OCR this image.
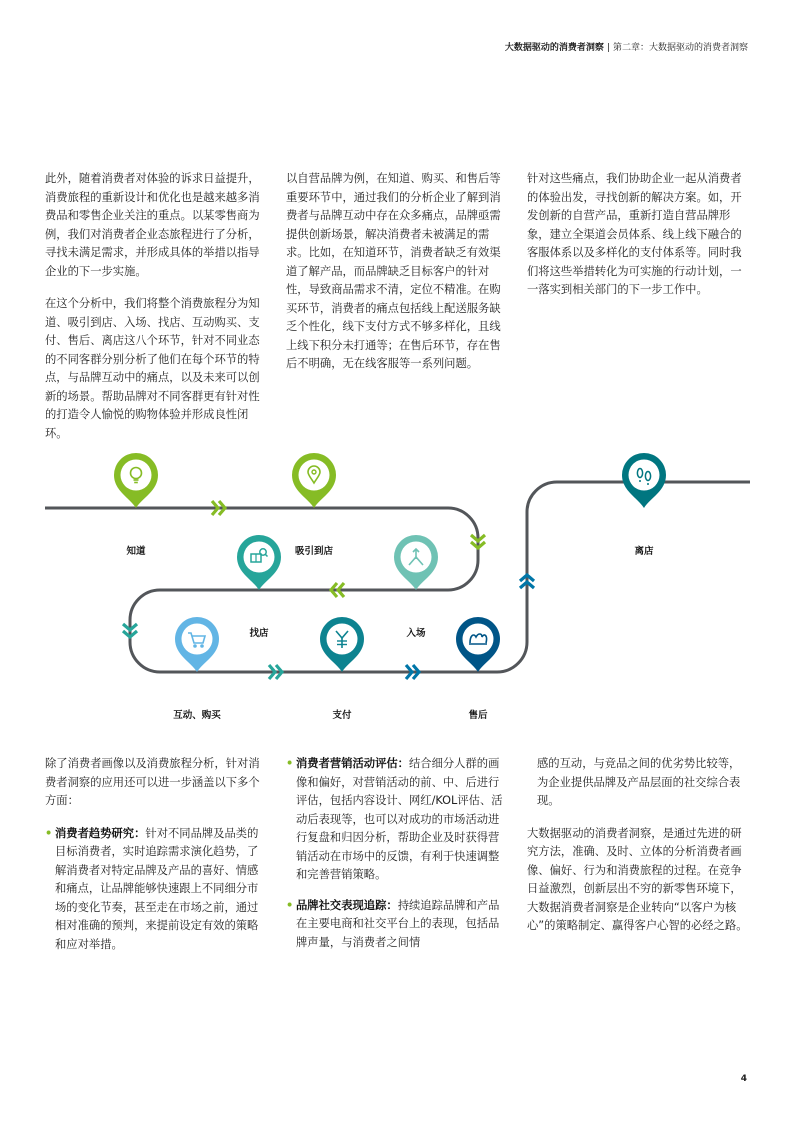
大数据驱动的消费者洞察 | 第二章：大数据驱动的消费者洞察

此外，随着消费者对体验的诉求日益提升，消费旅程的重新设计和优化也是越来越多消费品和零售企业关注的重点。以某零售商为例，我们对消费者企业态旅程进行了分析，寻找未满足需求，并形成具体的举措以指导企业的下一步实施。

在这个分析中，我们将整个消费旅程分为知道、吸引到店、入场、找店、互动购买、支付、售后、离店这八个环节，针对不同业态的不同客群分别分析了他们在每个环节的特点，与品牌互动中的痛点，以及未来可以创新的场景。帮助品牌对不同客群更有针对性的打造令人愉悦的购物体验并形成良性闭环。

以自营品牌为例，在知道、购买、和售后等重要环节中，通过我们的分析企业了解到消费者与品牌互动中存在众多痛点，品牌亟需提供创新场景，解决消费者未被满足的需求。比如，在知道环节，消费者缺乏有效渠道了解产品，而品牌缺乏目标客户的针对性，导致商品需求不清，定位不精准。在购买环节，消费者的痛点包括线上配送服务缺乏个性化，线下支付方式不够多样化，且线上线下积分未打通等；在售后环节，存在售后不明确，无在线客服等一系列问题。

针对这些痛点，我们协助企业一起从消费者的体验出发，寻找创新的解决方案。如，开发创新的自营产品，重新打造自营品牌形象，建立全渠道会员体系、线上线下融合的客服体系以及多样化的支付体系等。同时我们将这些举措转化为可实施的行动计划，一一落实到相关部门的下一步工作中。

知道	吸引到店
入场
找店
互动、购买	支付	售后
离店

除了消费者画像以及消费旅程分析，针对消费者洞察的应用还可以进一步涵盖以下多个方面：

• 消费者趋势研究：针对不同品牌及品类的目标消费者，实时追踪需求演化趋势，了解消费者对特定品牌及产品的喜好、情感和痛点，让品牌能够快速跟上不同细分市场的变化节奏，甚至走在市场之前，通过相对准确的预判，来提前设定有效的策略和应对举措。
• 消费者营销活动评估：结合细分人群的画像和偏好，对营销活动的前、中、后进行评估，包括内容设计、网红/KOL评估、活动后表现等，也可以对成功的市场活动进行复盘和归因分析，帮助企业及时获得营销活动在市场中的反馈，有利于快速调整和完善营销策略。
• 品牌社交表现追踪：持续追踪品牌和产品在主要电商和社交平台上的表现，包括品牌声量，与消费者之间情

感的互动，与竞品之间的优劣势比较等，为企业提供品牌及产品层面的社交综合表现。

大数据驱动的消费者洞察，是通过先进的研究方法，准确、及时、立体的分析消费者画像、偏好、行为和消费旅程的过程。在竞争日益激烈，创新层出不穷的新零售环境下，大数据消费者洞察是企业转向“以客户为核心”的策略制定、赢得客户心智的必经之路。

4
